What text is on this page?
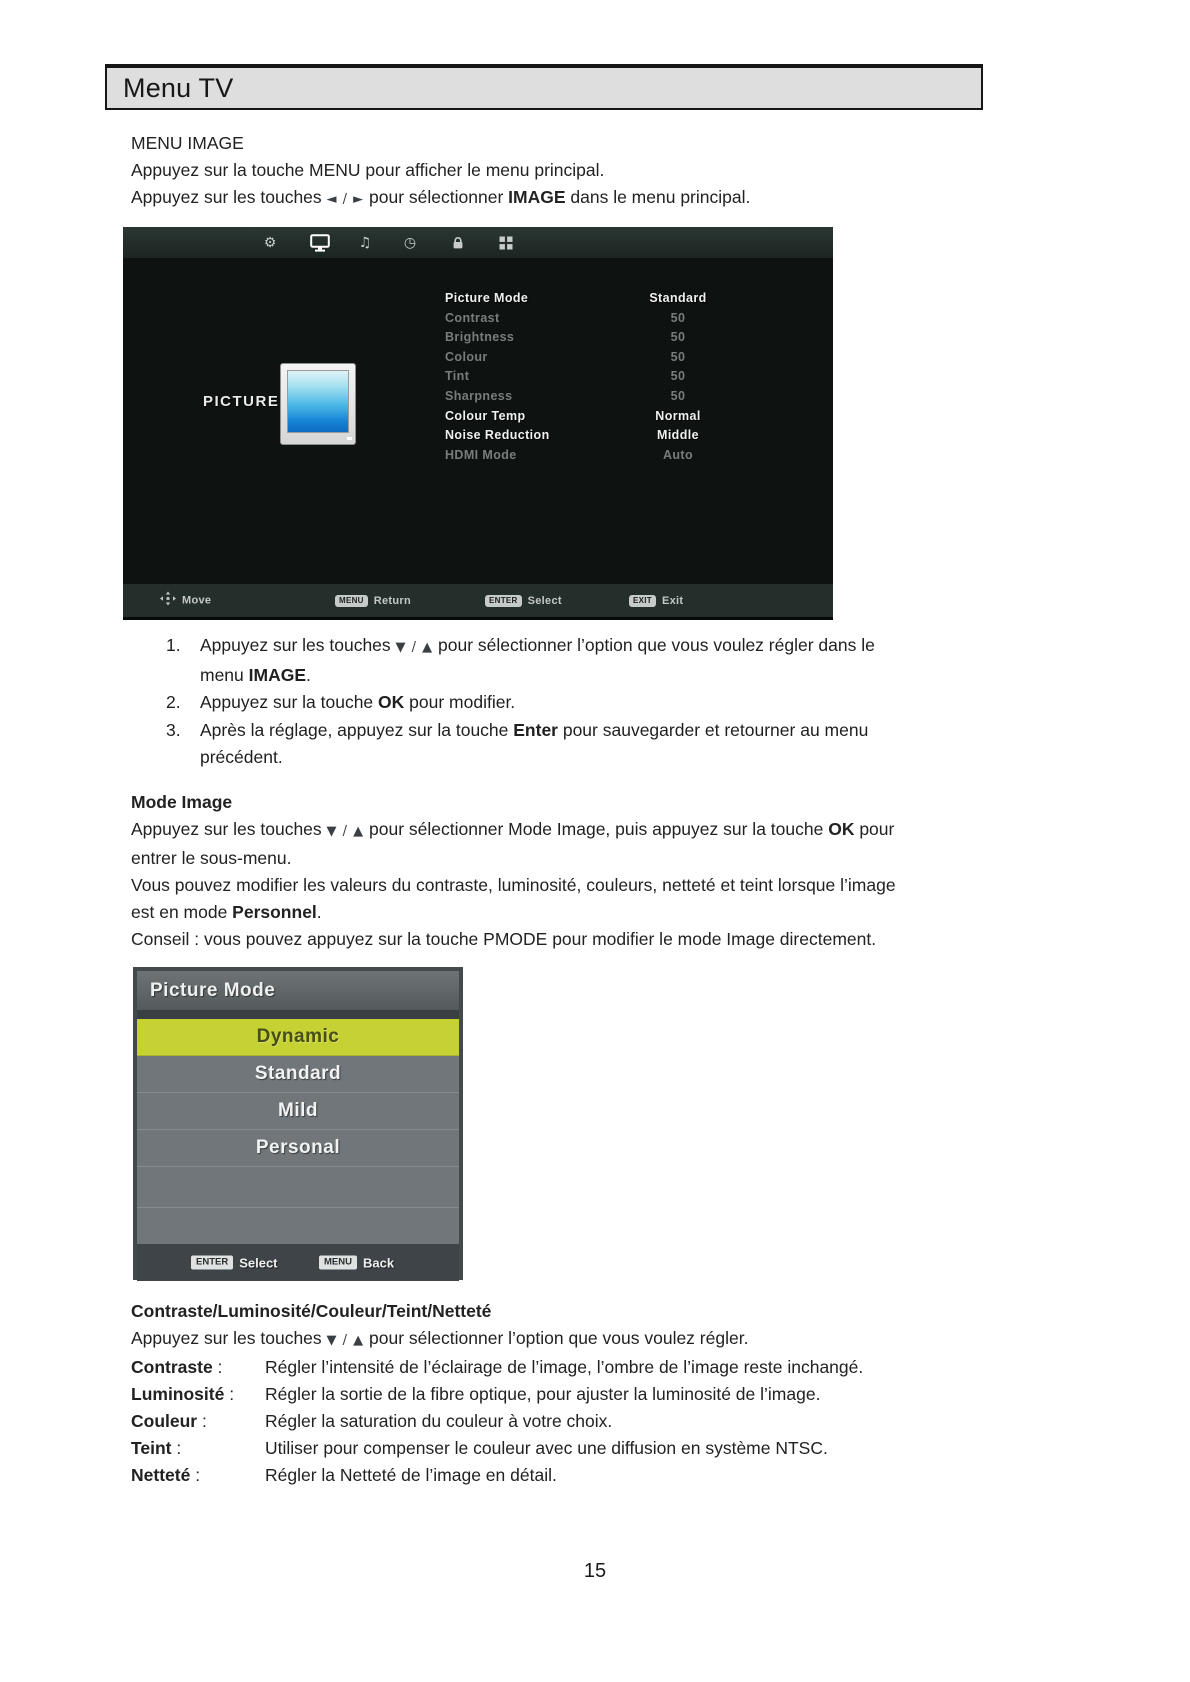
Menu TV
MENU IMAGE
Appuyez sur la touche MENU pour afficher le menu principal.
Appuyez sur les touches ◄ / ► pour sélectionner IMAGE dans le menu principal.
⚙	♫ ◷
PICTURE
Picture Mode	Standard
Contrast	50
Brightness	50
Colour	50
Tint	50
Sharpness	50
Colour Temp	Normal
Noise Reduction	Middle
HDMI Mode	Auto
Move	MENU Return	ENTER Select	EXIT Exit
1.	Appuyez sur les touches ▼ / ▲ pour sélectionner l’option que vous voulez régler dans le
menu IMAGE.
2.	Appuyez sur la touche OK pour modifier.
3.	Après la réglage, appuyez sur la touche Enter pour sauvegarder et retourner au menu
précédent.
Mode Image
Appuyez sur les touches ▼ / ▲ pour sélectionner Mode Image, puis appuyez sur la touche OK pour
entrer le sous-menu.
Vous pouvez modifier les valeurs du contraste, luminosité, couleurs, netteté et teint lorsque l’image
est en mode Personnel.
Conseil : vous pouvez appuyez sur la touche PMODE pour modifier le mode Image directement.
Picture Mode
Dynamic
Standard
Mild
Personal
ENTER Select	MENU Back
Contraste/Luminosité/Couleur/Teint/Netteté
Appuyez sur les touches ▼ / ▲ pour sélectionner l’option que vous voulez régler.
Contraste :	Régler l’intensité de l’éclairage de l’image, l’ombre de l’image reste inchangé.
Luminosité :	Régler la sortie de la fibre optique, pour ajuster la luminosité de l’image.
Couleur :	Régler la saturation du couleur à votre choix.
Teint :	Utiliser pour compenser le couleur avec une diffusion en système NTSC.
Netteté :	Régler la Netteté de l’image en détail.
15
